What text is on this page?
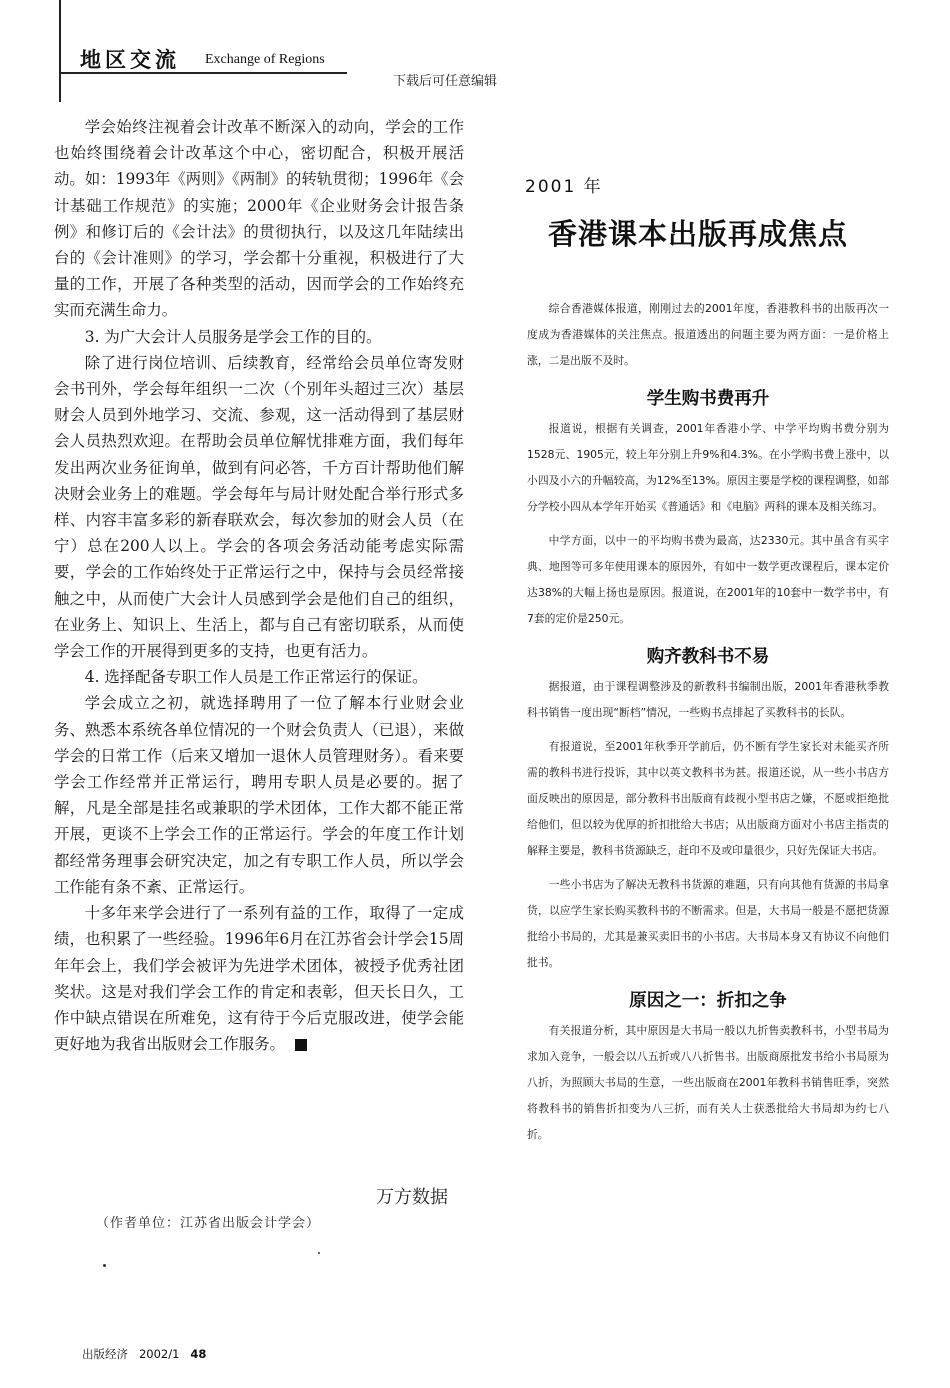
地区交流 Exchange of Regions
下载后可任意编辑

学会始终注视着会计改革不断深入的动向，学会的工作也始终围绕着会计改革这个中心，密切配合，积极开展活动。如：1993年《两则》《两制》的转轨贯彻；1996年《会计基础工作规范》的实施；2000年《企业财务会计报告条例》和修订后的《会计法》的贯彻执行，以及这几年陆续出台的《会计准则》的学习，学会都十分重视，积极进行了大量的工作，开展了各种类型的活动，因而学会的工作始终充实而充满生命力。

3. 为广大会计人员服务是学会工作的目的。

除了进行岗位培训、后续教育，经常给会员单位寄发财会书刊外，学会每年组织一二次（个别年头超过三次）基层财会人员到外地学习、交流、参观，这一活动得到了基层财会人员热烈欢迎。在帮助会员单位解忧排难方面，我们每年发出两次业务征询单，做到有问必答，千方百计帮助他们解决财会业务上的难题。学会每年与局计财处配合举行形式多样、内容丰富多彩的新春联欢会，每次参加的财会人员（在宁）总在200人以上。学会的各项会务活动能考虑实际需要，学会的工作始终处于正常运行之中，保持与会员经常接触之中，从而使广大会计人员感到学会是他们自己的组织，在业务上、知识上、生活上，都与自己有密切联系，从而使学会工作的开展得到更多的支持，也更有活力。

4. 选择配备专职工作人员是工作正常运行的保证。

学会成立之初，就选择聘用了一位了解本行业财会业务、熟悉本系统各单位情况的一个财会负责人（已退），来做学会的日常工作（后来又增加一退休人员管理财务）。看来要学会工作经常并正常运行，聘用专职人员是必要的。据了解，凡是全部是挂名或兼职的学术团体，工作大都不能正常开展，更谈不上学会工作的正常运行。学会的年度工作计划都经常务理事会研究决定，加之有专职工作人员，所以学会工作能有条不紊、正常运行。

十多年来学会进行了一系列有益的工作，取得了一定成绩，也积累了一些经验。1996年6月在江苏省会计学会15周年年会上，我们学会被评为先进学术团体，被授予优秀社团奖状。这是对我们学会工作的肯定和表彰，但天长日久，工作中缺点错误在所难免，这有待于今后克服改进，使学会能更好地为我省出版财会工作服务。

万方数据
（作者单位：江苏省出版会计学会）
出版经济 2002/1 48
2001 年
香港课本出版再成焦点

综合香港媒体报道，刚刚过去的2001年度，香港教科书的出版再次一度成为香港媒体的关注焦点。报道透出的问题主要为两方面：一是价格上涨，二是出版不及时。

学生购书费再升

报道说，根据有关调查，2001年香港小学、中学平均购书费分别为1528元、1905元，较上年分别上升9%和4.3%。在小学购书费上涨中，以小四及小六的升幅较高，为12%至13%。原因主要是学校的课程调整，如部分学校小四从本学年开始买《普通话》和《电脑》两科的课本及相关练习。

中学方面，以中一的平均购书费为最高，达2330元。其中虽含有买字典、地图等可多年使用课本的原因外，有如中一数学更改课程后，课本定价达38%的大幅上扬也是原因。报道说，在2001年的10套中一数学书中，有7套的定价是250元。

购齐教科书不易

据报道，由于课程调整涉及的新教科书编制出版，2001年香港秋季教科书销售一度出现“断档”情况，一些购书点排起了买教科书的长队。

有报道说，至2001年秋季开学前后，仍不断有学生家长对未能买齐所需的教科书进行投诉，其中以英文教科书为甚。报道还说，从一些小书店方面反映出的原因是，部分教科书出版商有歧视小型书店之嫌，不愿或拒绝批给他们，但以较为优厚的折扣批给大书店；从出版商方面对小书店主指责的解释主要是，教科书货源缺乏，赶印不及或印量很少，只好先保证大书店。

一些小书店为了解决无教科书货源的难题，只有向其他有货源的书局拿货，以应学生家长购买教科书的不断需求。但是，大书局一般是不愿把货源批给小书局的，尤其是兼买卖旧书的小书店。大书局本身又有协议不向他们批书。

原因之一：折扣之争

有关报道分析，其中原因是大书局一般以九折售卖教科书，小型书局为求加入竞争，一般会以八五折或八八折售书。出版商原批发书给小书局原为八折，为照顾大书局的生意，一些出版商在2001年教科书销售旺季，突然将教科书的销售折扣变为八三折，而有关人士获悉批给大书局却为约七八折。
